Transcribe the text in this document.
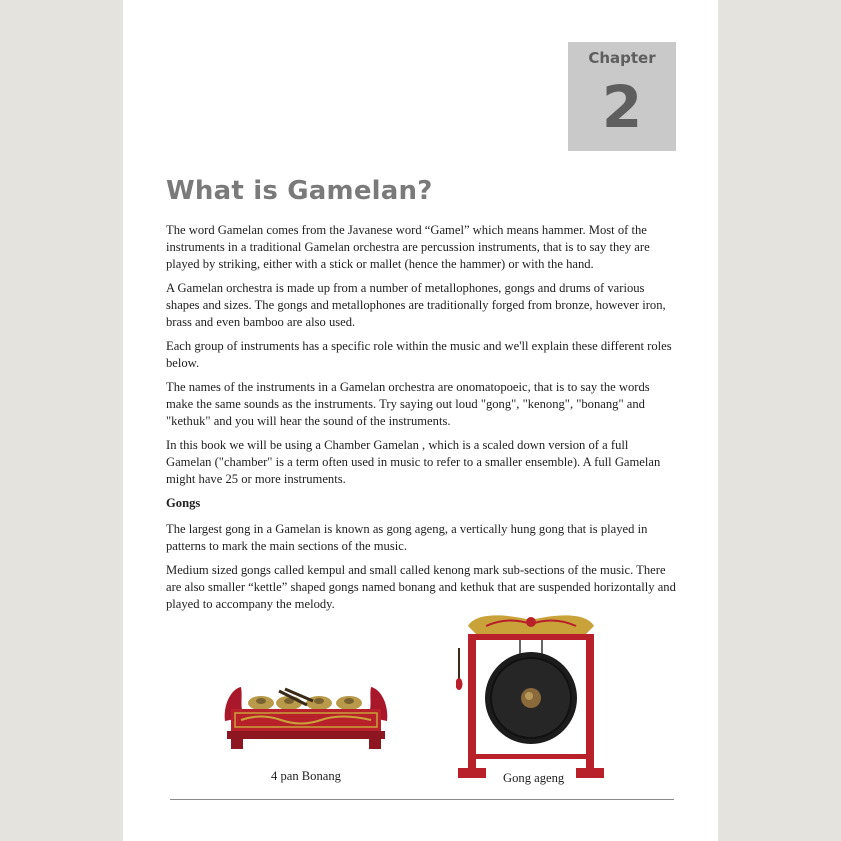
Chapter
2
What is Gamelan?

The word Gamelan comes from the Javanese word “Gamel” which means hammer. Most of the instruments in a traditional Gamelan orchestra are percussion instruments, that is to say they are played by striking, either with a stick or mallet (hence the hammer) or with the hand.

A Gamelan orchestra is made up from a number of metallophones, gongs and drums of various shapes and sizes. The gongs and metallophones are traditionally forged from bronze, however iron, brass and even bamboo are also used.

Each group of instruments has a specific role within the music and we'll explain these different roles below.

The names of the instruments in a Gamelan orchestra are onomatopoeic, that is to say the words make the same sounds as the instruments. Try saying out loud "gong", "kenong", "bonang" and "kethuk" and you will hear the sound of the instruments.

In this book we will be using a Chamber Gamelan , which is a scaled down version of a full Gamelan ("chamber" is a term often used in music to refer to a smaller ensemble). A full Gamelan might have 25 or more instruments.

Gongs

The largest gong in a Gamelan is known as gong ageng, a vertically hung gong that is played in patterns to mark the main sections of the music.

Medium sized gongs called kempul and small called kenong mark sub-sections of the music. There are also smaller “kettle” shaped gongs named bonang and kethuk that are suspended horizontally and played to accompany the melody.

4 pan Bonang	Gong ageng
